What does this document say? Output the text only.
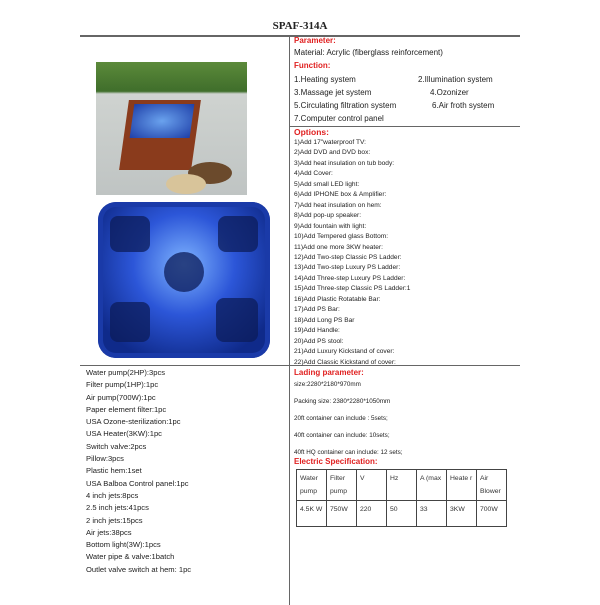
SPAF-314A
Parameter:
Material: Acrylic (fiberglass reinforcement)
Function:
1.Heating system	2.Illumination system
3.Massage jet system	4.Ozonizer
5.Circulating filtration system	6.Air froth system
7.Computer control panel
Options:
1)Add 17"waterproof TV:
2)Add DVD and DVD box:
3)Add heat insulation on tub body:
4)Add Cover:
5)Add small LED light:
6)Add IPHONE box & Amplifier:
7)Add heat insulation on hem:
8)Add pop-up speaker:
9)Add fountain with light:
10)Add Tempered glass Bottom:
11)Add one more 3KW heater:
12)Add Two-step Classic PS Ladder:
13)Add Two-step Luxury PS Ladder:
14)Add Three-step Luxury PS Ladder:
15)Add Three-step Classic PS Ladder:1
16)Add Plastic Rotatable Bar:
17)Add PS Bar:
18)Add Long PS Bar
19)Add Handle:
20)Add PS stool:
21)Add Luxury Kickstand of cover:
22)Add Classic Kickstand of cover:
Water pump(2HP):3pcs
Filter pump(1HP):1pc
Air pump(700W):1pc
Paper element filter:1pc
USA Ozone-sterilization:1pc
USA Heater(3KW):1pc
Switch valve:2pcs
Pillow:3pcs
Plastic hem:1set
USA Balboa Control panel:1pc
4 inch jets:8pcs
2.5 inch jets:41pcs
2 inch jets:15pcs
Air jets:38pcs
Bottom light(3W):1pcs
Water pipe & valve:1batch
Outlet valve switch at hem: 1pc
Lading parameter:
size:2280*2180*970mm
Packing size: 2380*2280*1050mm
20ft container can include : 5sets;
40ft container can include: 10sets;
40ft HQ container can include: 12 sets;
Electric Specification:
Water pump	Filter pump	V	Hz	A (max	Heate r	Air Blower
4.5K W	750W	220	50	33	3KW	700W
